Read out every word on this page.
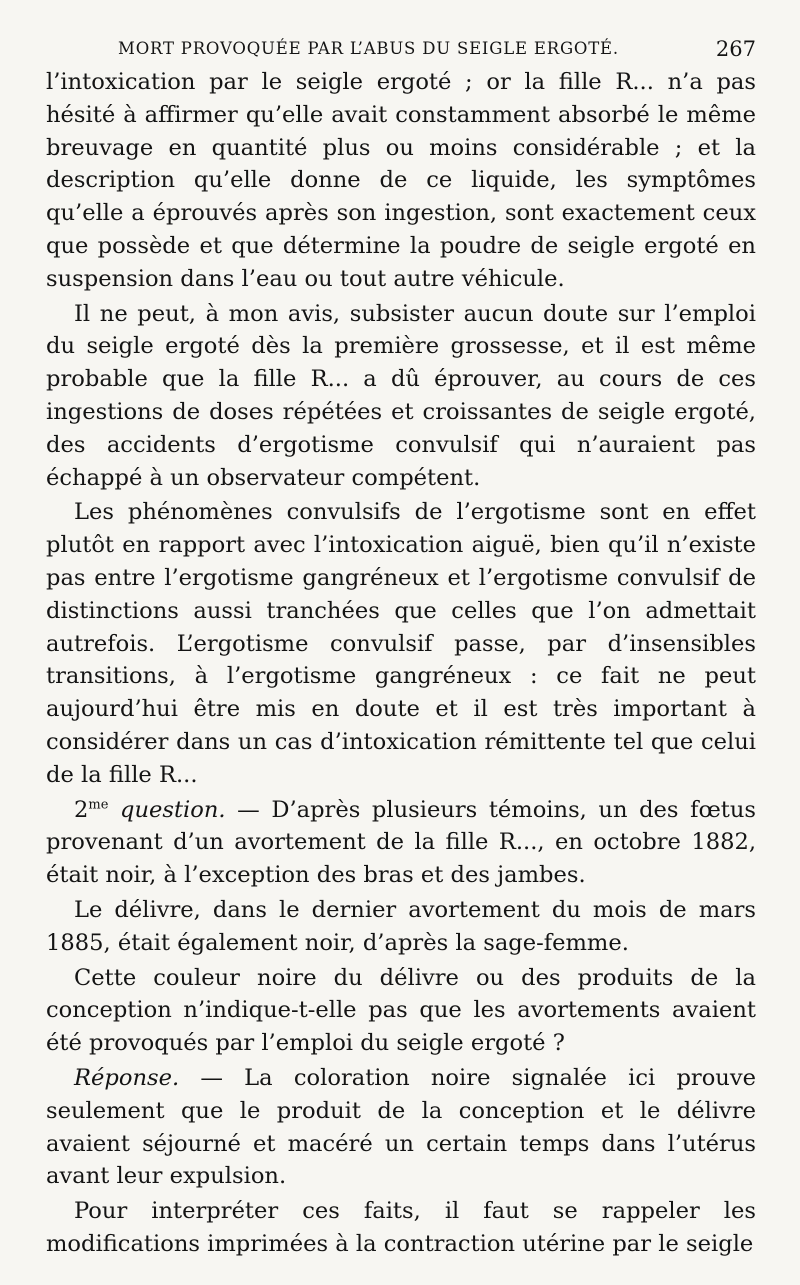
MORT PROVOQUÉE PAR L’ABUS DU SEIGLE ERGOTÉ.	267

l’intoxication par le seigle ergoté ; or la fille R... n’a pas hésité à affirmer qu’elle avait constamment absorbé le même breuvage en quantité plus ou moins considérable ; et la description qu’elle donne de ce liquide, les symptômes qu’elle a éprouvés après son ingestion, sont exactement ceux que possède et que détermine la poudre de seigle ergoté en suspension dans l’eau ou tout autre véhicule.

Il ne peut, à mon avis, subsister aucun doute sur l’emploi du seigle ergoté dès la première grossesse, et il est même probable que la fille R... a dû éprouver, au cours de ces ingestions de doses répétées et croissantes de seigle ergoté, des accidents d’ergotisme convulsif qui n’auraient pas échappé à un observateur compétent.

Les phénomènes convulsifs de l’ergotisme sont en effet plutôt en rapport avec l’intoxication aiguë, bien qu’il n’existe pas entre l’ergotisme gangréneux et l’ergotisme convulsif de distinctions aussi tranchées que celles que l’on admettait autrefois. L’ergotisme convulsif passe, par d’insensibles transitions, à l’ergotisme gangréneux : ce fait ne peut aujourd’hui être mis en doute et il est très important à considérer dans un cas d’intoxication rémittente tel que celui de la fille R...

$2^{me}$ question. — D’après plusieurs témoins, un des fœtus provenant d’un avortement de la fille R..., en octobre 1882, était noir, à l’exception des bras et des jambes.

Le délivre, dans le dernier avortement du mois de mars 1885, était également noir, d’après la sage-femme.

Cette couleur noire du délivre ou des produits de la conception n’indique-t-elle pas que les avortements avaient été provoqués par l’emploi du seigle ergoté ?

Réponse. — La coloration noire signalée ici prouve seulement que le produit de la conception et le délivre avaient séjourné et macéré un certain temps dans l’utérus avant leur expulsion.

Pour interpréter ces faits, il faut se rappeler les modifications imprimées à la contraction utérine par le seigle
